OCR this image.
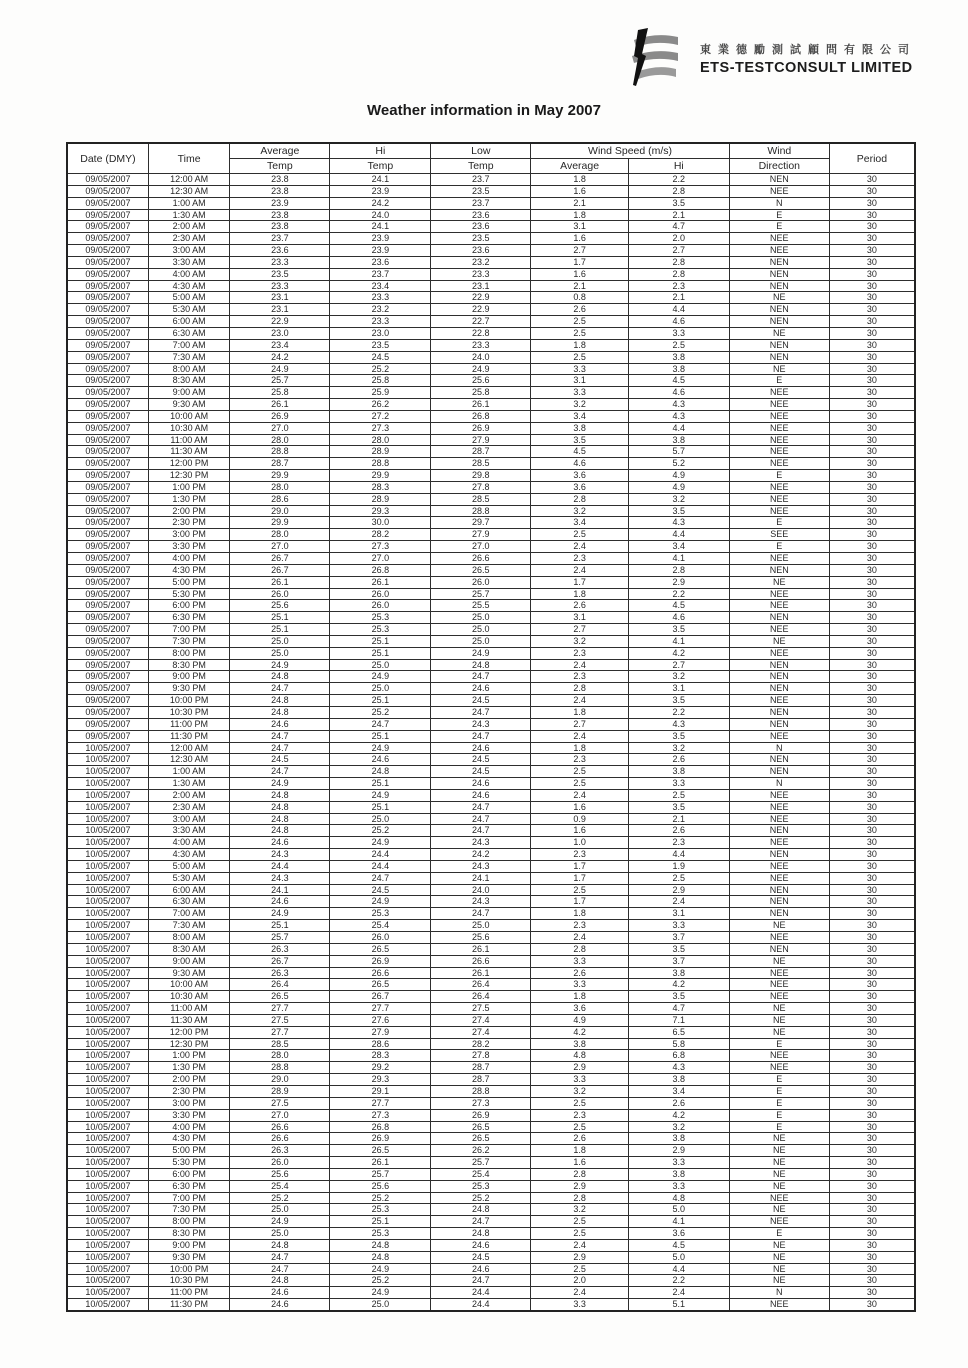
東業德勵測試顧問有限公司
ETS-TESTCONSULT LIMITED
Weather information in May 2007
Date (DMY)	Time	Average	Hi	Low	Wind Speed (m/s)		Wind	Period
		Temp	Temp	Temp	Average	Hi	Direction	
09/05/2007	12:00 AM	23.8	24.1	23.7	1.8	2.2	NEN	30
09/05/2007	12:30 AM	23.8	23.9	23.5	1.6	2.8	NEE	30
09/05/2007	1:00 AM	23.9	24.2	23.7	2.1	3.5	N	30
09/05/2007	1:30 AM	23.8	24.0	23.6	1.8	2.1	E	30
09/05/2007	2:00 AM	23.8	24.1	23.6	3.1	4.7	E	30
09/05/2007	2:30 AM	23.7	23.9	23.5	1.6	2.0	NEE	30
09/05/2007	3:00 AM	23.6	23.9	23.6	2.7	2.7	NEE	30
09/05/2007	3:30 AM	23.3	23.6	23.2	1.7	2.8	NEN	30
09/05/2007	4:00 AM	23.5	23.7	23.3	1.6	2.8	NEN	30
09/05/2007	4:30 AM	23.3	23.4	23.1	2.1	2.3	NEN	30
09/05/2007	5:00 AM	23.1	23.3	22.9	0.8	2.1	NE	30
09/05/2007	5:30 AM	23.1	23.2	22.9	2.6	4.4	NEN	30
09/05/2007	6:00 AM	22.9	23.3	22.7	2.5	4.6	NEN	30
09/05/2007	6:30 AM	23.0	23.0	22.8	2.5	3.3	NE	30
09/05/2007	7:00 AM	23.4	23.5	23.3	1.8	2.5	NEN	30
09/05/2007	7:30 AM	24.2	24.5	24.0	2.5	3.8	NEN	30
09/05/2007	8:00 AM	24.9	25.2	24.9	3.3	3.8	NE	30
09/05/2007	8:30 AM	25.7	25.8	25.6	3.1	4.5	E	30
09/05/2007	9:00 AM	25.8	25.9	25.8	3.3	4.6	NEE	30
09/05/2007	9:30 AM	26.1	26.2	26.1	3.2	4.3	NEE	30
09/05/2007	10:00 AM	26.9	27.2	26.8	3.4	4.3	NEE	30
09/05/2007	10:30 AM	27.0	27.3	26.9	3.8	4.4	NEE	30
09/05/2007	11:00 AM	28.0	28.0	27.9	3.5	3.8	NEE	30
09/05/2007	11:30 AM	28.8	28.9	28.7	4.5	5.7	NEE	30
09/05/2007	12:00 PM	28.7	28.8	28.5	4.6	5.2	NEE	30
09/05/2007	12:30 PM	29.9	29.9	29.8	3.6	4.9	E	30
09/05/2007	1:00 PM	28.0	28.3	27.8	3.6	4.9	NEE	30
09/05/2007	1:30 PM	28.6	28.9	28.5	2.8	3.2	NEE	30
09/05/2007	2:00 PM	29.0	29.3	28.8	3.2	3.5	NEE	30
09/05/2007	2:30 PM	29.9	30.0	29.7	3.4	4.3	E	30
09/05/2007	3:00 PM	28.0	28.2	27.9	2.5	4.4	SEE	30
09/05/2007	3:30 PM	27.0	27.3	27.0	2.4	3.4	E	30
09/05/2007	4:00 PM	26.7	27.0	26.6	2.3	4.1	NEE	30
09/05/2007	4:30 PM	26.7	26.8	26.5	2.4	2.8	NEN	30
09/05/2007	5:00 PM	26.1	26.1	26.0	1.7	2.9	NE	30
09/05/2007	5:30 PM	26.0	26.0	25.7	1.8	2.2	NEE	30
09/05/2007	6:00 PM	25.6	26.0	25.5	2.6	4.5	NEE	30
09/05/2007	6:30 PM	25.1	25.3	25.0	3.1	4.6	NEN	30
09/05/2007	7:00 PM	25.1	25.3	25.0	2.7	3.5	NEE	30
09/05/2007	7:30 PM	25.0	25.1	25.0	3.2	4.1	NE	30
09/05/2007	8:00 PM	25.0	25.1	24.9	2.3	4.2	NEE	30
09/05/2007	8:30 PM	24.9	25.0	24.8	2.4	2.7	NEN	30
09/05/2007	9:00 PM	24.8	24.9	24.7	2.3	3.2	NEN	30
09/05/2007	9:30 PM	24.7	25.0	24.6	2.8	3.1	NEN	30
09/05/2007	10:00 PM	24.8	25.1	24.5	2.4	3.5	NEE	30
09/05/2007	10:30 PM	24.8	25.2	24.7	1.8	2.2	NEN	30
09/05/2007	11:00 PM	24.6	24.7	24.3	2.7	4.3	NEN	30
09/05/2007	11:30 PM	24.7	25.1	24.7	2.4	3.5	NEE	30
10/05/2007	12:00 AM	24.7	24.9	24.6	1.8	3.2	N	30
10/05/2007	12:30 AM	24.5	24.6	24.5	2.3	2.6	NEN	30
10/05/2007	1:00 AM	24.7	24.8	24.5	2.5	3.8	NEN	30
10/05/2007	1:30 AM	24.9	25.1	24.6	2.5	3.3	N	30
10/05/2007	2:00 AM	24.8	24.9	24.6	2.4	2.5	NEE	30
10/05/2007	2:30 AM	24.8	25.1	24.7	1.6	3.5	NEE	30
10/05/2007	3:00 AM	24.8	25.0	24.7	0.9	2.1	NEE	30
10/05/2007	3:30 AM	24.8	25.2	24.7	1.6	2.6	NEN	30
10/05/2007	4:00 AM	24.6	24.9	24.3	1.0	2.3	NEE	30
10/05/2007	4:30 AM	24.3	24.4	24.2	2.3	4.4	NEN	30
10/05/2007	5:00 AM	24.4	24.4	24.3	1.7	1.9	NEE	30
10/05/2007	5:30 AM	24.3	24.7	24.1	1.7	2.5	NEE	30
10/05/2007	6:00 AM	24.1	24.5	24.0	2.5	2.9	NEN	30
10/05/2007	6:30 AM	24.6	24.9	24.3	1.7	2.4	NEN	30
10/05/2007	7:00 AM	24.9	25.3	24.7	1.8	3.1	NEN	30
10/05/2007	7:30 AM	25.1	25.4	25.0	2.3	3.3	NE	30
10/05/2007	8:00 AM	25.7	26.0	25.6	2.4	3.7	NEE	30
10/05/2007	8:30 AM	26.3	26.5	26.1	2.8	3.5	NEN	30
10/05/2007	9:00 AM	26.7	26.9	26.6	3.3	3.7	NE	30
10/05/2007	9:30 AM	26.3	26.6	26.1	2.6	3.8	NEE	30
10/05/2007	10:00 AM	26.4	26.5	26.4	3.3	4.2	NEE	30
10/05/2007	10:30 AM	26.5	26.7	26.4	1.8	3.5	NEE	30
10/05/2007	11:00 AM	27.7	27.7	27.5	3.6	4.7	NE	30
10/05/2007	11:30 AM	27.5	27.6	27.4	4.9	7.1	NE	30
10/05/2007	12:00 PM	27.7	27.9	27.4	4.2	6.5	NE	30
10/05/2007	12:30 PM	28.5	28.6	28.2	3.8	5.8	E	30
10/05/2007	1:00 PM	28.0	28.3	27.8	4.8	6.8	NEE	30
10/05/2007	1:30 PM	28.8	29.2	28.7	2.9	4.3	NEE	30
10/05/2007	2:00 PM	29.0	29.3	28.7	3.3	3.8	E	30
10/05/2007	2:30 PM	28.9	29.1	28.8	3.2	3.4	E	30
10/05/2007	3:00 PM	27.5	27.7	27.3	2.5	2.6	E	30
10/05/2007	3:30 PM	27.0	27.3	26.9	2.3	4.2	E	30
10/05/2007	4:00 PM	26.6	26.8	26.5	2.5	3.2	E	30
10/05/2007	4:30 PM	26.6	26.9	26.5	2.6	3.8	NE	30
10/05/2007	5:00 PM	26.3	26.5	26.2	1.8	2.9	NE	30
10/05/2007	5:30 PM	26.0	26.1	25.7	1.6	3.3	NE	30
10/05/2007	6:00 PM	25.6	25.7	25.4	2.8	3.8	NE	30
10/05/2007	6:30 PM	25.4	25.6	25.3	2.9	3.3	NE	30
10/05/2007	7:00 PM	25.2	25.2	25.2	2.8	4.8	NEE	30
10/05/2007	7:30 PM	25.0	25.3	24.8	3.2	5.0	NE	30
10/05/2007	8:00 PM	24.9	25.1	24.7	2.5	4.1	NEE	30
10/05/2007	8:30 PM	25.0	25.3	24.8	2.5	3.6	E	30
10/05/2007	9:00 PM	24.8	24.8	24.6	2.4	4.5	NE	30
10/05/2007	9:30 PM	24.7	24.8	24.5	2.9	5.0	NE	30
10/05/2007	10:00 PM	24.7	24.9	24.6	2.5	4.4	NE	30
10/05/2007	10:30 PM	24.8	25.2	24.7	2.0	2.2	NE	30
10/05/2007	11:00 PM	24.6	24.9	24.4	2.4	2.4	N	30
10/05/2007	11:30 PM	24.6	25.0	24.4	3.3	5.1	NEE	30
